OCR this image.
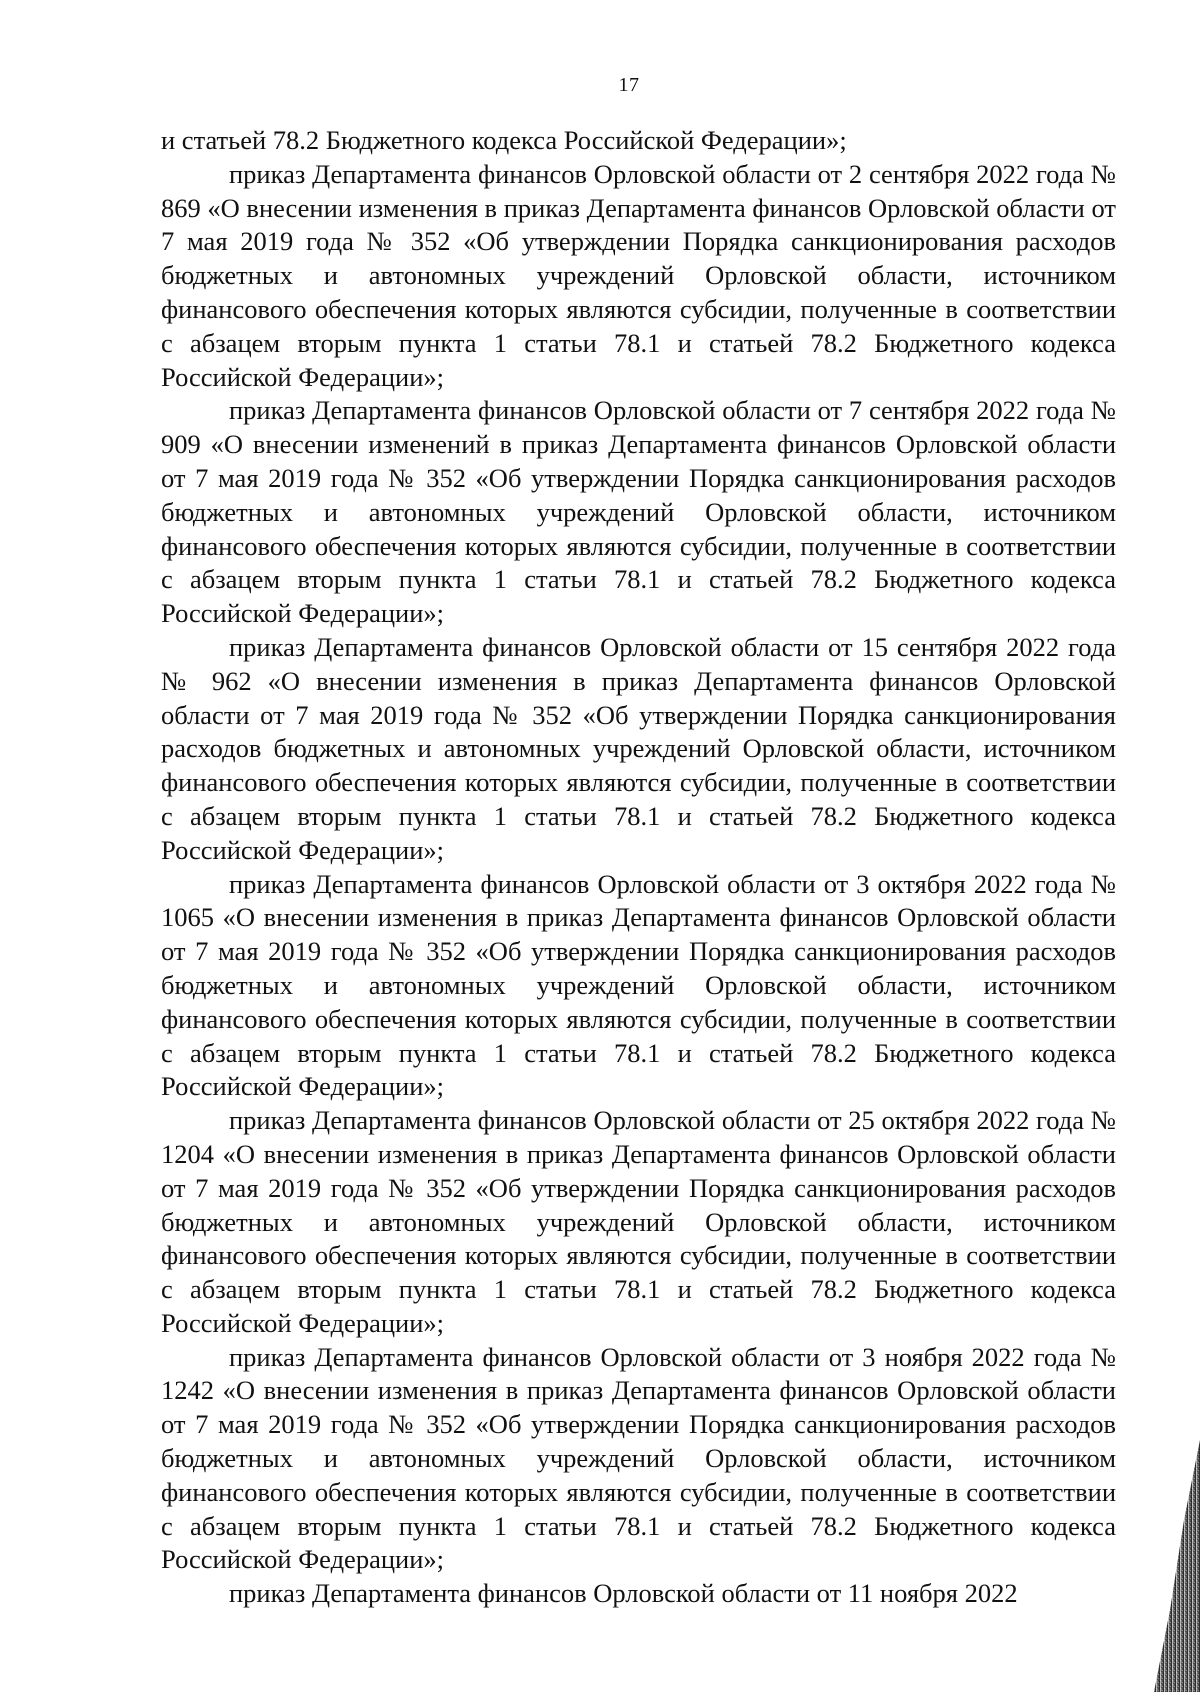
17

и статьей 78.2 Бюджетного кодекса Российской Федерации»;

приказ Департамента финансов Орловской области от 2 сентября 2022 года № 869 «О внесении изменения в приказ Департамента финансов Орловской области от 7 мая 2019 года № 352 «Об утверждении Порядка санкционирования расходов бюджетных и автономных учреждений Орловской области, источником финансового обеспечения которых являются субсидии, полученные в соответствии с абзацем вторым пункта 1 статьи 78.1 и статьей 78.2 Бюджетного кодекса Российской Федерации»;

приказ Департамента финансов Орловской области от 7 сентября 2022 года № 909 «О внесении изменений в приказ Департамента финансов Орловской области от 7 мая 2019 года № 352 «Об утверждении Порядка санкционирования расходов бюджетных и автономных учреждений Орловской области, источником финансового обеспечения которых являются субсидии, полученные в соответствии с абзацем вторым пункта 1 статьи 78.1 и статьей 78.2 Бюджетного кодекса Российской Федерации»;

приказ Департамента финансов Орловской области от 15 сентября 2022 года № 962 «О внесении изменения в приказ Департамента финансов Орловской области от 7 мая 2019 года № 352 «Об утверждении Порядка санкционирования расходов бюджетных и автономных учреждений Орловской области, источником финансового обеспечения которых являются субсидии, полученные в соответствии с абзацем вторым пункта 1 статьи 78.1 и статьей 78.2 Бюджетного кодекса Российской Федерации»;

приказ Департамента финансов Орловской области от 3 октября 2022 года № 1065 «О внесении изменения в приказ Департамента финансов Орловской области от 7 мая 2019 года № 352 «Об утверждении Порядка санкционирования расходов бюджетных и автономных учреждений Орловской области, источником финансового обеспечения которых являются субсидии, полученные в соответствии с абзацем вторым пункта 1 статьи 78.1 и статьей 78.2 Бюджетного кодекса Российской Федерации»;

приказ Департамента финансов Орловской области от 25 октября 2022 года № 1204 «О внесении изменения в приказ Департамента финансов Орловской области от 7 мая 2019 года № 352 «Об утверждении Порядка санкционирования расходов бюджетных и автономных учреждений Орловской области, источником финансового обеспечения которых являются субсидии, полученные в соответствии с абзацем вторым пункта 1 статьи 78.1 и статьей 78.2 Бюджетного кодекса Российской Федерации»;

приказ Департамента финансов Орловской области от 3 ноября 2022 года № 1242 «О внесении изменения в приказ Департамента финансов Орловской области от 7 мая 2019 года № 352 «Об утверждении Порядка санкционирования расходов бюджетных и автономных учреждений Орловской области, источником финансового обеспечения которых являются субсидии, полученные в соответствии с абзацем вторым пункта 1 статьи 78.1 и статьей 78.2 Бюджетного кодекса Российской Федерации»;

приказ Департамента финансов Орловской области от 11 ноября 2022
